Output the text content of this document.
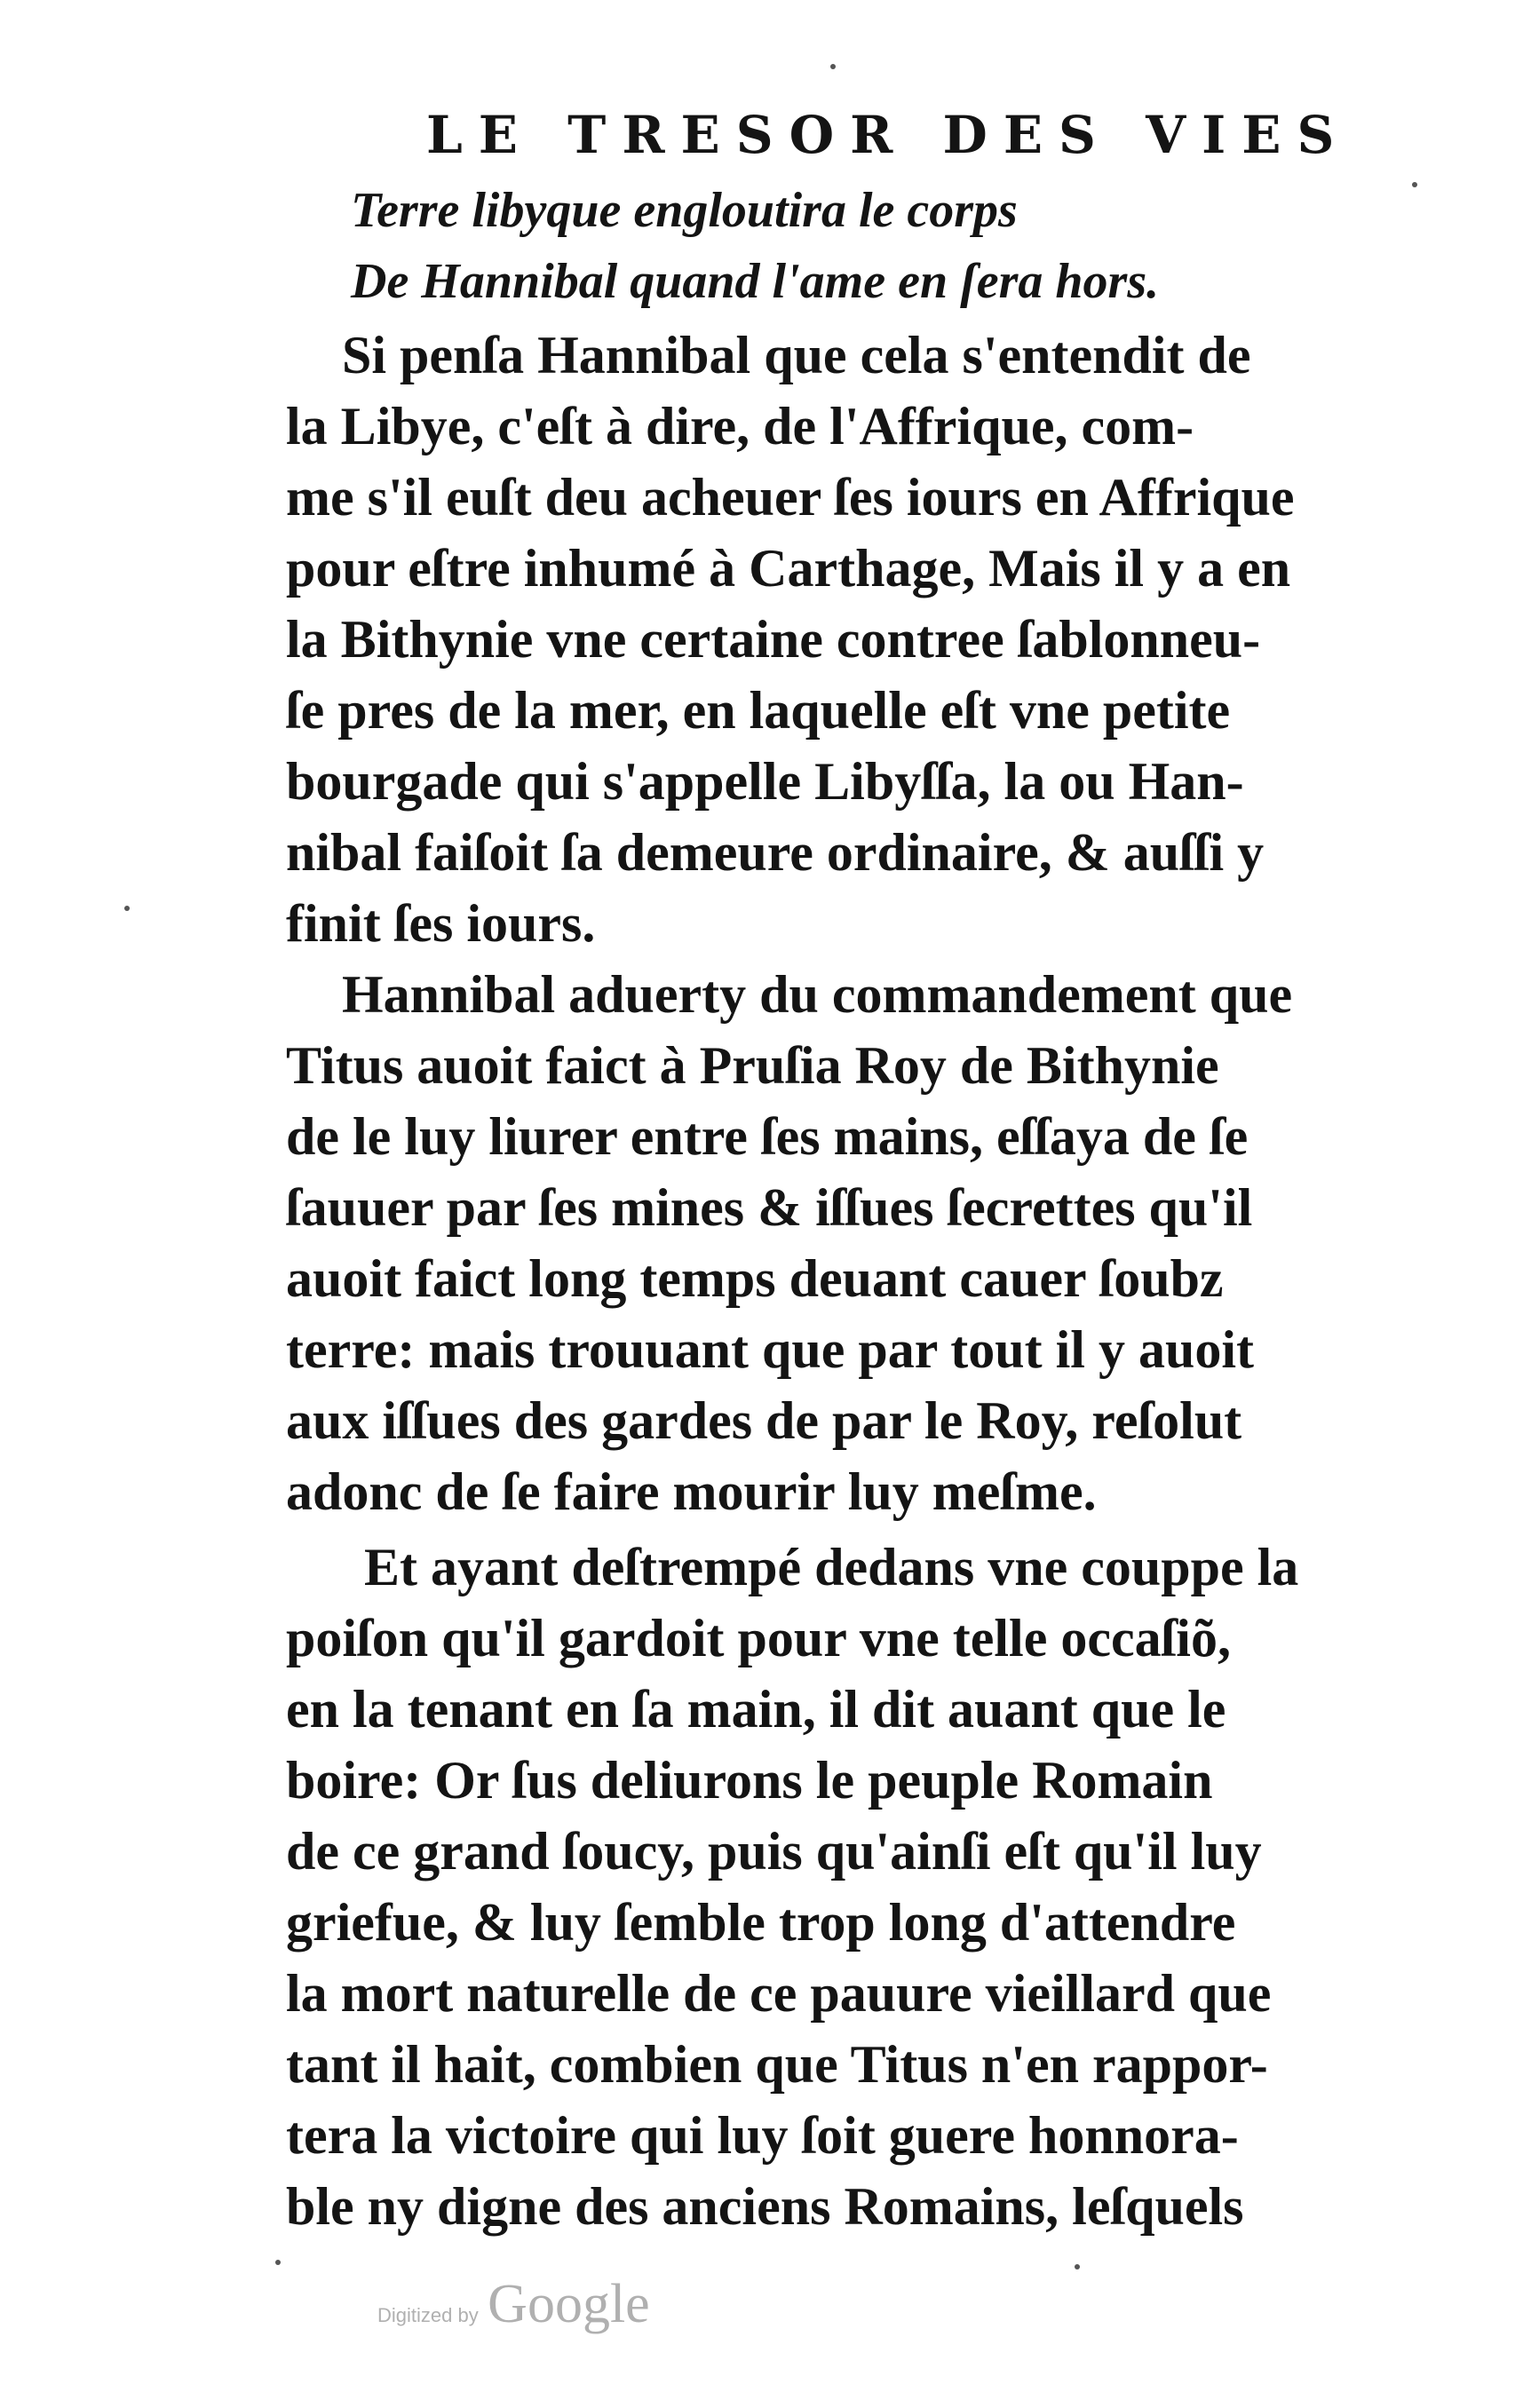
LE TRESOR DES VIES
Terre libyque engloutira le corps
De Hannibal quand l'ame en ſera hors.
Si penſa Hannibal que cela s'entendit de
la Libye, c'eſt à dire, de l'Affrique, com-
me s'il euſt deu acheuer ſes iours en Affrique
pour eſtre inhumé à Carthage, Mais il y a en
la Bithynie vne certaine contree ſablonneu-
ſe pres de la mer, en laquelle eſt vne petite
bourgade qui s'appelle Libyſſa, la ou Han-
nibal faiſoit ſa demeure ordinaire, & auſſi y
finit ſes iours.
Hannibal aduerty du commandement que
Titus auoit faict à Pruſia Roy de Bithynie
de le luy liurer entre ſes mains, eſſaya de ſe
ſauuer par ſes mines & iſſues ſecrettes qu'il
auoit faict long temps deuant cauer ſoubz
terre: mais trouuant que par tout il y auoit
aux iſſues des gardes de par le Roy, reſolut
adonc de ſe faire mourir luy meſme.
Et ayant deſtrempé dedans vne couppe la
poiſon qu'il gardoit pour vne telle occaſiõ,
en la tenant en ſa main, il dit auant que le
boire: Or ſus deliurons le peuple Romain
de ce grand ſoucy, puis qu'ainſi eſt qu'il luy
griefue, & luy ſemble trop long d'attendre
la mort naturelle de ce pauure vieillard que
tant il hait, combien que Titus n'en rappor-
tera la victoire qui luy ſoit guere honnora-
ble ny digne des anciens Romains, leſquels
Digitized by Google
